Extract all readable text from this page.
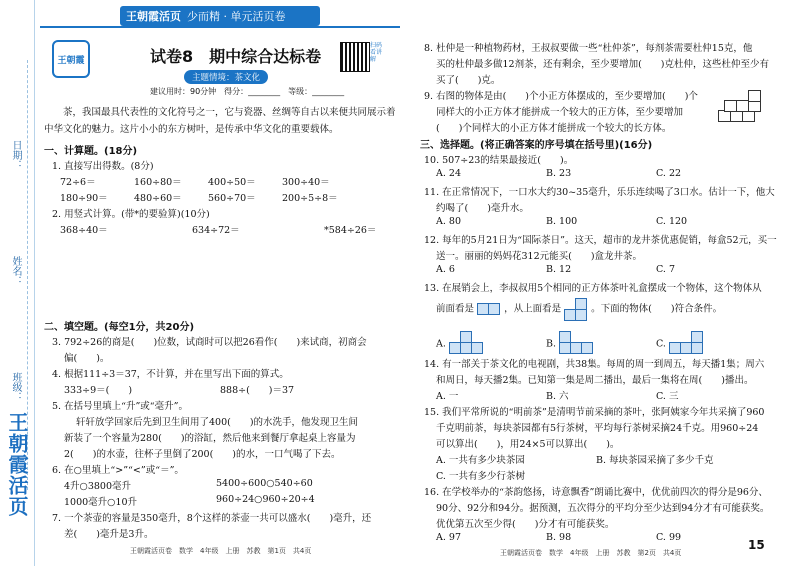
日期：
姓名：
班级：
王朝霞活页
王朝霞活页 少而精 · 单元活页卷
王朝霞	试卷8　期中综合达标卷
扫码看讲解
主题情境：茶文化
建议用时：90分钟　得分：________　等级：________
茶，我国最具代表性的文化符号之一，它与瓷器、丝绸等自古以来便共同展示着中华文化的魅力。这片小小的东方树叶，是传承中华文化的重要载体。
一、计算题。(18分)
1. 直接写出得数。(8分)
72÷6＝	160÷80＝	400÷50＝	300÷40＝
180÷90＝	480÷60＝	560÷70＝	200÷5÷8＝
2. 用竖式计算。(带*的要验算)(10分)
368÷40＝	634÷72＝	*584÷26＝
二、填空题。(每空1分，共20分)
3. 792÷26的商是(　　)位数，试商时可以把26看作(　　)来试商，初商会
偏(　　)。
4. 根据111÷3＝37，不计算，并在里写出下面的算式。
333÷9＝(　　)	888÷(　　)＝37
5. 在括号里填上“升”或“毫升”。
轩轩放学回家后先到卫生间用了400(　　)的水洗手，他发现卫生间
新装了一个容量为280(　　)的浴缸，然后他来到餐厅拿起桌上容量为
2(　　)的水壶，往杯子里倒了200(　　)的水，一口气喝了下去。
6. 在○里填上“>”“<”或“＝”。
4升○3800毫升	5400÷600○540÷60
1000毫升○10升	960÷24○960÷20÷4
7. 一个茶壶的容量是350毫升，8个这样的茶壶一共可以盛水(　　)毫升，还
差(　　)毫升是3升。
王朝霞活页卷　数学　4年级　上册　苏教　第1页　共4页
8. 杜仲是一种植物药材，王叔叔要做一些“杜仲茶”，每剂茶需要杜仲15克，他
买的杜仲最多做12剂茶，还有剩余，至少要增加(　　)克杜仲，这些杜仲至少有
买了(　　)克。
9. 右图的物体是由(　　)个小正方体摆成的，至少要增加(　　)个
同样大的小正方体才能拼成一个较大的正方体，至少要增加
(　　)个同样大的小正方体才能拼成一个较大的长方体。
三、选择题。(将正确答案的序号填在括号里)(16分)
10. 507÷23的结果最接近(　　)。
A. 24	B. 23	C. 22
11. 在正常情况下，一口水大约30~35毫升，乐乐连续喝了3口水。估计一下，他大
约喝了(　　)毫升水。
A. 80	B. 100	C. 120
12. 每年的5月21日为“国际茶日”。这天，超市的龙井茶优惠促销，每盒52元，买一
送一。丽丽的妈妈花312元能买(　　)盒龙井茶。
A. 6	B. 12	C. 7
13. 在展销会上，李叔叔用5个相同的正方体茶叶礼盒摆成一个物体，这个物体从
前面看是	，从上面看是	。下面的物体(　　)符合条件。
A.	B.	C.
14. 有一部关于茶文化的电视剧，共38集。每周的周一到周五，每天播1集；周六
和周日，每天播2集。已知第一集是周二播出，最后一集将在周(　　)播出。
A. 一	B. 六	C. 三
15. 我们平常所说的“明前茶”是清明节前采摘的茶叶，张阿姨家今年共采摘了960
千克明前茶，每块茶园都有5行茶树，平均每行茶树采摘24千克。用960÷24
可以算出(　　)，用24×5可以算出(　　)。
A. 一共有多少块茶园	B. 每块茶园采摘了多少千克
C. 一共有多少行茶树
16. 在学校举办的“茶韵悠扬，诗意飘香”朗诵比赛中，优优前四次的得分是96分、
90分、92分和94分。据预测，五次得分的平均分至少达到94分才有可能获奖。
优优第五次至少得(　　)分才有可能获奖。
A. 97	B. 98	C. 99
王朝霞活页卷　数学　4年级　上册　苏教　第2页　共4页
15
